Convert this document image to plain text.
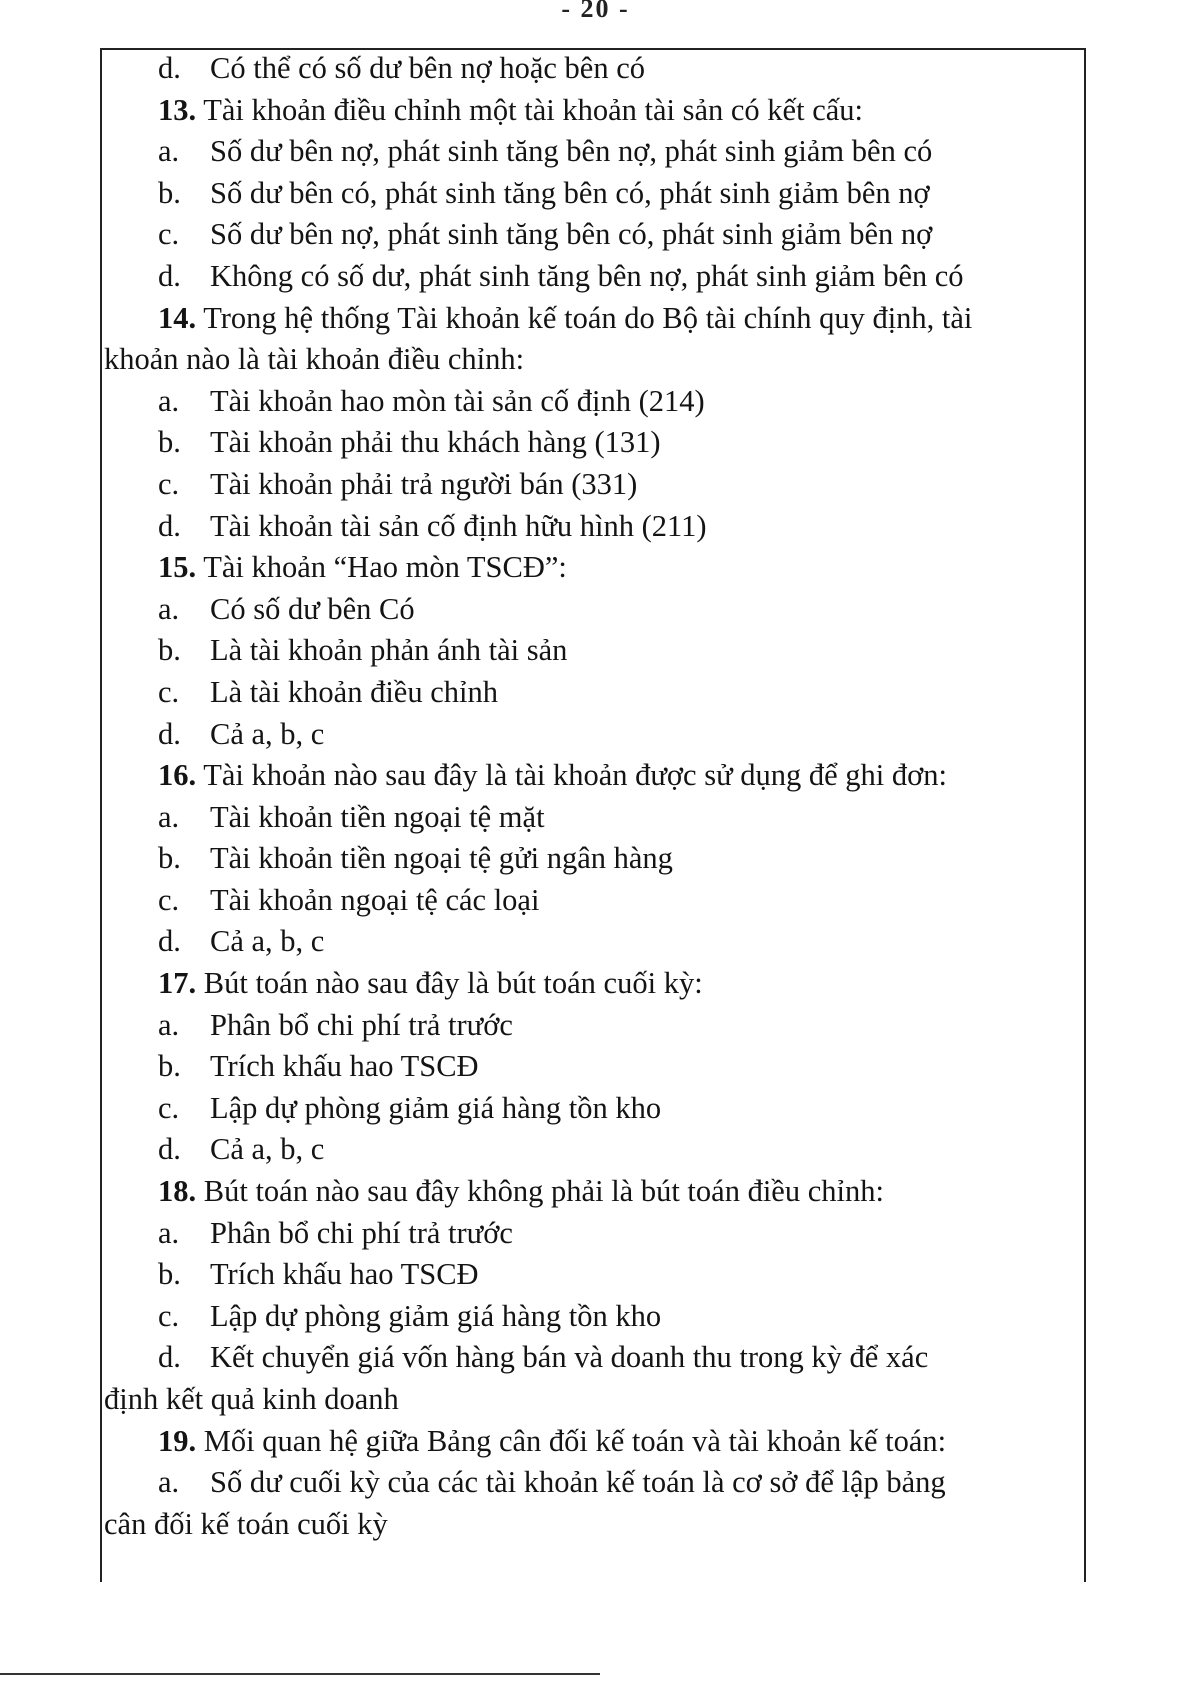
- 20 -
d. Có thể có số dư bên nợ hoặc bên có
13. Tài khoản điều chỉnh một tài khoản tài sản có kết cấu:
a. Số dư bên nợ, phát sinh tăng bên nợ, phát sinh giảm bên có
b. Số dư bên có, phát sinh tăng bên có, phát sinh giảm bên nợ
c. Số dư bên nợ, phát sinh tăng bên có, phát sinh giảm bên nợ
d. Không có số dư, phát sinh tăng bên nợ, phát sinh giảm bên có
14. Trong hệ thống Tài khoản kế toán do Bộ tài chính quy định, tài
khoản nào là tài khoản điều chỉnh:
a. Tài khoản hao mòn tài sản cố định (214)
b. Tài khoản phải thu khách hàng (131)
c. Tài khoản phải trả người bán (331)
d. Tài khoản tài sản cố định hữu hình (211)
15. Tài khoản “Hao mòn TSCĐ”:
a. Có số dư bên Có
b. Là tài khoản phản ánh tài sản
c. Là tài khoản điều chỉnh
d. Cả a, b, c
16. Tài khoản nào sau đây là tài khoản được sử dụng để ghi đơn:
a. Tài khoản tiền ngoại tệ mặt
b. Tài khoản tiền ngoại tệ gửi ngân hàng
c. Tài khoản ngoại tệ các loại
d. Cả a, b, c
17. Bút toán nào sau đây là bút toán cuối kỳ:
a. Phân bổ chi phí trả trước
b. Trích khấu hao TSCĐ
c. Lập dự phòng giảm giá hàng tồn kho
d. Cả a, b, c
18. Bút toán nào sau đây không phải là bút toán điều chỉnh:
a. Phân bổ chi phí trả trước
b. Trích khấu hao TSCĐ
c. Lập dự phòng giảm giá hàng tồn kho
d. Kết chuyển giá vốn hàng bán và doanh thu trong kỳ để xác
định kết quả kinh doanh
19. Mối quan hệ giữa Bảng cân đối kế toán và tài khoản kế toán:
a. Số dư cuối kỳ của các tài khoản kế toán là cơ sở để lập bảng
cân đối kế toán cuối kỳ
